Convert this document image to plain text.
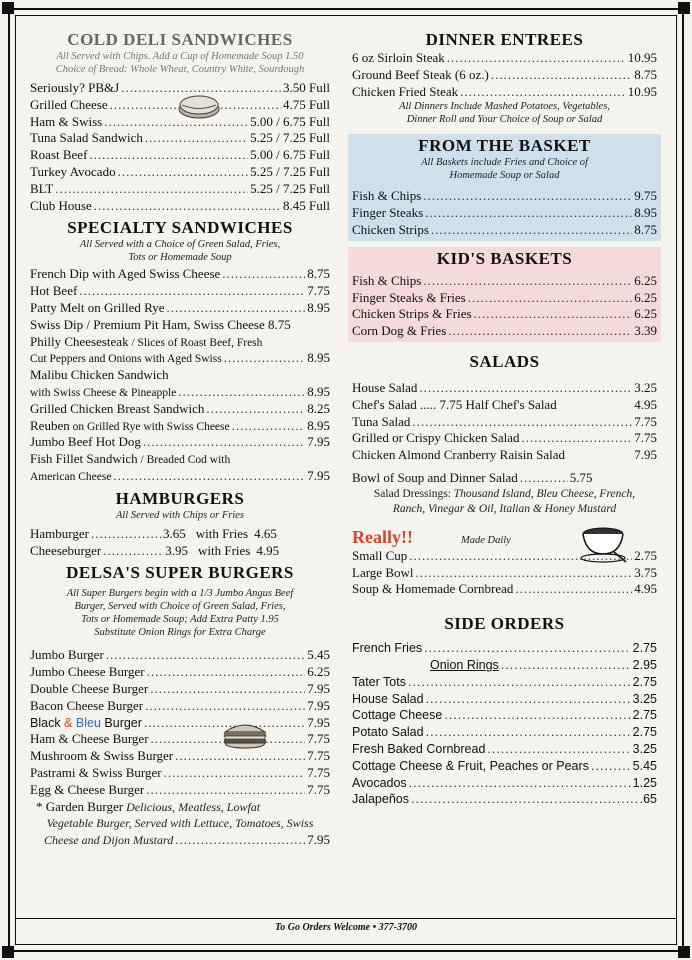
COLD DELI SANDWICHES
All Served with Chips. Add a Cup of Homemade Soup 1.50
Choice of Bread: Whole Wheat, Country White, Sourdough
Seriously? PB&J .....	3.50 Full
Grilled Cheese .....	4.75 Full
Ham & Swiss .....	5.00 / 6.75 Full
Tuna Salad Sandwich .....	5.25 / 7.25 Full
Roast Beef .....	5.00 / 6.75 Full
Turkey Avocado .....	5.25 / 7.25 Full
BLT .....	5.25 / 7.25 Full
Club House .....	8.45 Full
SPECIALTY SANDWICHES
All Served with a Choice of Green Salad, Fries,
Tots or Homemade Soup
French Dip with Aged Swiss Cheese .....	8.75
Hot Beef .....	7.75
Patty Melt on Grilled Rye .....	8.95
Swiss Dip / Premium Pit Ham, Swiss Cheese 8.75
Philly Cheesesteak / Slices of Roast Beef, Fresh
Cut Peppers and Onions with Aged Swiss .....	8.95
Malibu Chicken Sandwich
with Swiss Cheese & Pineapple .....	8.95
Grilled Chicken Breast Sandwich .....	8.25
Reuben on Grilled Rye with Swiss Cheese .....	8.95
Jumbo Beef Hot Dog .....	7.95
Fish Fillet Sandwich / Breaded Cod with
American Cheese .....	7.95
HAMBURGERS
All Served with Chips or Fries
Hamburger .....	3.65 with Fries 4.65
Cheeseburger .....	3.95 with Fries 4.95
DELSA'S SUPER BURGERS
All Super Burgers begin with a 1/3 Jumbo Angus Beef
Burger, Served with Choice of Green Salad, Fries,
Tots or Homemade Soup; Add Extra Patty 1.95
Substitute Onion Rings for Extra Charge
Jumbo Burger .....	5.45
Jumbo Cheese Burger .....	6.25
Double Cheese Burger .....	7.95
Bacon Cheese Burger .....	7.95
Black & Bleu Burger .....	7.95
Ham & Cheese Burger .....	7.75
Mushroom & Swiss Burger .....	7.75
Pastrami & Swiss Burger .....	7.75
Egg & Cheese Burger .....	7.75
* Garden Burger Delicious, Meatless, Lowfat
Vegetable Burger, Served with Lettuce, Tomatoes, Swiss
Cheese and Dijon Mustard .....	7.95
DINNER ENTREES
6 oz Sirloin Steak .....	10.95
Ground Beef Steak (6 oz.) .....	8.75
Chicken Fried Steak .....	10.95
All Dinners Include Mashed Potatoes, Vegetables,
Dinner Roll and Your Choice of Soup or Salad
FROM THE BASKET
All Baskets include Fries and Choice of
Homemade Soup or Salad
Fish & Chips .....	9.75
Finger Steaks .....	8.95
Chicken Strips .....	8.75
KID'S BASKETS
Fish & Chips .....	6.25
Finger Steaks & Fries .....	6.25
Chicken Strips & Fries .....	6.25
Corn Dog & Fries .....	3.39
SALADS
House Salad .....	3.25
Chef's Salad ..... 7.75 Half Chef's Salad	4.95
Tuna Salad .....	7.75
Grilled or Crispy Chicken Salad .....	7.75
Chicken Almond Cranberry Raisin Salad	7.95
Bowl of Soup and Dinner Salad .....	5.75
Salad Dressings: Thousand Island, Bleu Cheese, French,
Ranch, Vinegar & Oil, Italian & Honey Mustard
Really!!	Made Daily
Small Cup .....	2.75
Large Bowl .....	3.75
Soup & Homemade Cornbread .....	4.95
SIDE ORDERS
French Fries .....	2.75
Onion Rings .....	2.95
Tater Tots .....	2.75
House Salad .....	3.25
Cottage Cheese .....	2.75
Potato Salad .....	2.75
Fresh Baked Cornbread .....	3.25
Cottage Cheese & Fruit, Peaches or Pears .....	5.45
Avocados .....	1.25
Jalapeños .....	.65
To Go Orders Welcome • 377-3700
